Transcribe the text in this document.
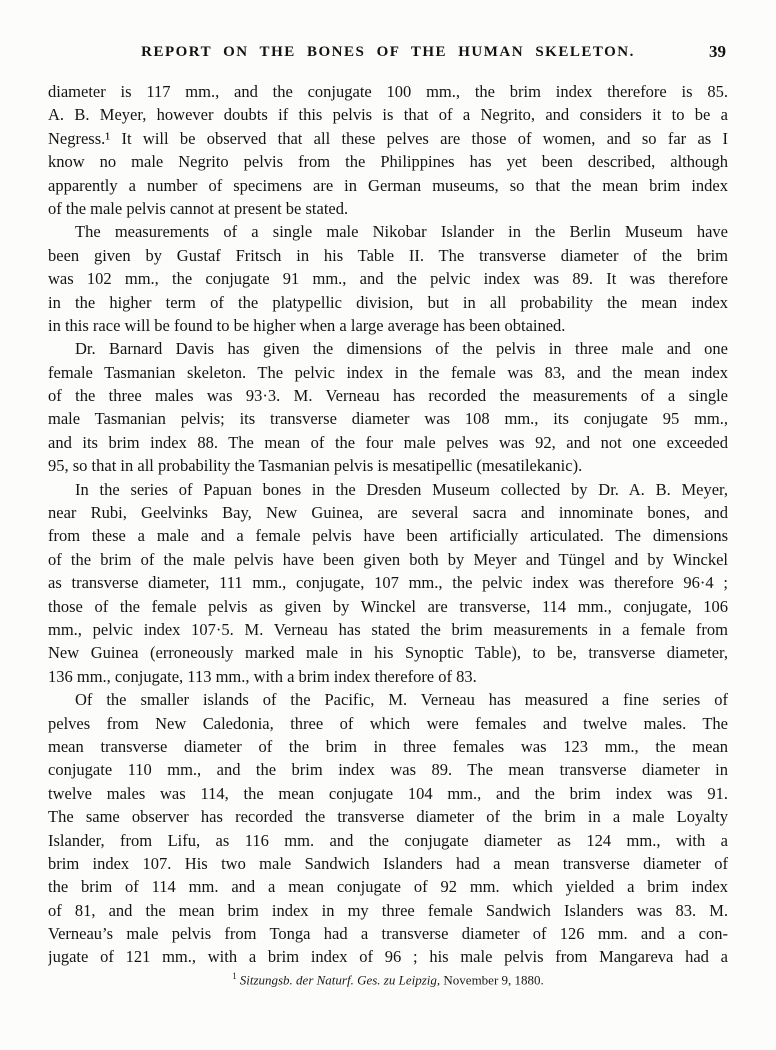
REPORT ON THE BONES OF THE HUMAN SKELETON.	39
diameter is 117 mm., and the conjugate 100 mm., the brim index therefore is 85.
A. B. Meyer, however doubts if this pelvis is that of a Negrito, and considers it to be a
Negress.¹ It will be observed that all these pelves are those of women, and so far as I
know no male Negrito pelvis from the Philippines has yet been described, although
apparently a number of specimens are in German museums, so that the mean brim index
of the male pelvis cannot at present be stated.
The measurements of a single male Nikobar Islander in the Berlin Museum have
been given by Gustaf Fritsch in his Table II. The transverse diameter of the brim
was 102 mm., the conjugate 91 mm., and the pelvic index was 89. It was therefore
in the higher term of the platypellic division, but in all probability the mean index
in this race will be found to be higher when a large average has been obtained.
Dr. Barnard Davis has given the dimensions of the pelvis in three male and one
female Tasmanian skeleton. The pelvic index in the female was 83, and the mean index
of the three males was 93·3. M. Verneau has recorded the measurements of a single
male Tasmanian pelvis; its transverse diameter was 108 mm., its conjugate 95 mm.,
and its brim index 88. The mean of the four male pelves was 92, and not one exceeded
95, so that in all probability the Tasmanian pelvis is mesatipellic (mesatilekanic).
In the series of Papuan bones in the Dresden Museum collected by Dr. A. B. Meyer,
near Rubi, Geelvinks Bay, New Guinea, are several sacra and innominate bones, and
from these a male and a female pelvis have been artificially articulated. The dimensions
of the brim of the male pelvis have been given both by Meyer and Tüngel and by Winckel
as transverse diameter, 111 mm., conjugate, 107 mm., the pelvic index was therefore 96·4 ;
those of the female pelvis as given by Winckel are transverse, 114 mm., conjugate, 106
mm., pelvic index 107·5. M. Verneau has stated the brim measurements in a female from
New Guinea (erroneously marked male in his Synoptic Table), to be, transverse diameter,
136 mm., conjugate, 113 mm., with a brim index therefore of 83.
Of the smaller islands of the Pacific, M. Verneau has measured a fine series of
pelves from New Caledonia, three of which were females and twelve males. The
mean transverse diameter of the brim in three females was 123 mm., the mean
conjugate 110 mm., and the brim index was 89. The mean transverse diameter in
twelve males was 114, the mean conjugate 104 mm., and the brim index was 91.
The same observer has recorded the transverse diameter of the brim in a male Loyalty
Islander, from Lifu, as 116 mm. and the conjugate diameter as 124 mm., with a
brim index 107. His two male Sandwich Islanders had a mean transverse diameter of
the brim of 114 mm. and a mean conjugate of 92 mm. which yielded a brim index
of 81, and the mean brim index in my three female Sandwich Islanders was 83. M.
Verneau’s male pelvis from Tonga had a transverse diameter of 126 mm. and a con-
jugate of 121 mm., with a brim index of 96 ; his male pelvis from Mangareva had a
$^1$ Sitzungsb. der Naturf. Ges. zu Leipzig, November 9, 1880.
